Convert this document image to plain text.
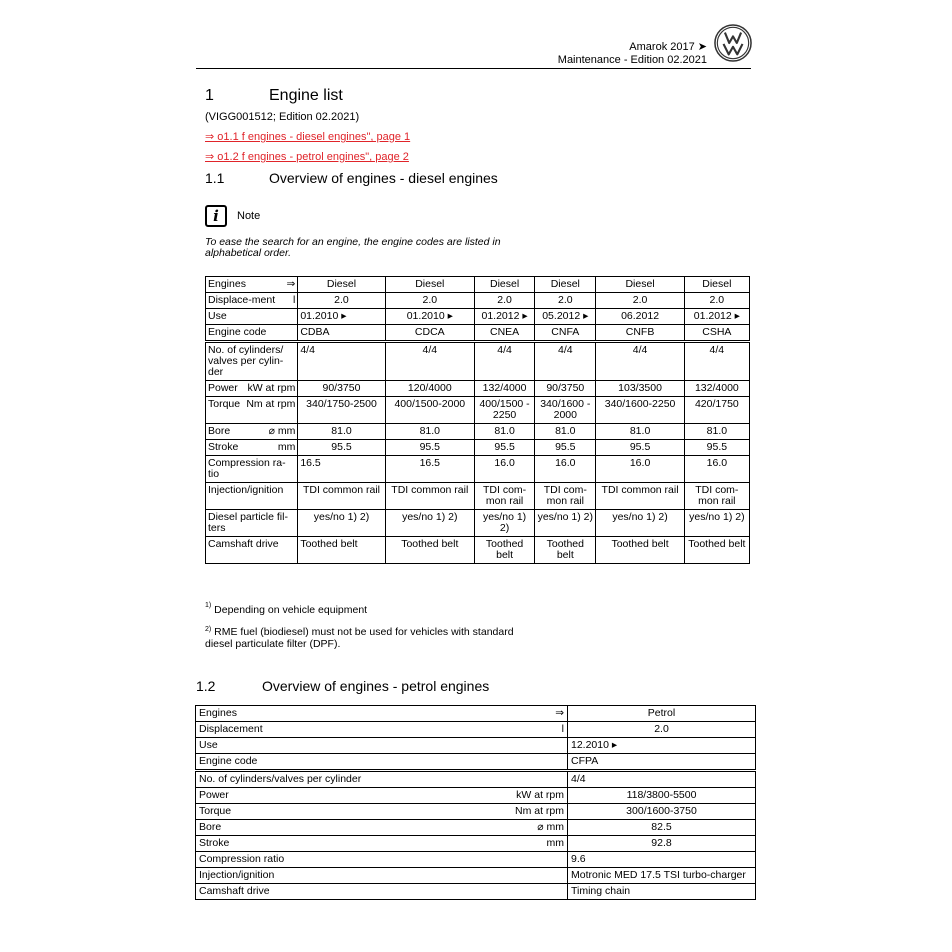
Amarok 2017 ➤
Maintenance - Edition 02.2021
1	Engine list
(VIGG001512; Edition 02.2021)
⇒ o1.1 f engines - diesel engines", page 1
⇒ o1.2 f engines - petrol engines", page 2
1.1	Overview of engines - diesel engines
i	Note
To ease the search for an engine, the engine codes are listed in alphabetical order.
Engines ⇒	Diesel	Diesel	Diesel	Diesel	Diesel	Diesel

Displace-ment l	2.0	2.0	2.0	2.0	2.0	2.0

Use	01.2010 ▸	01.2010 ▸	01.2012 ▸	05.2012 ▸	06.2012	01.2012 ▸

Engine code	CDBA	CDCA	CNEA	CNFA	CNFB	CSHA

No. of cylinders/ valves per cylin-der	4/4	4/4	4/4	4/4	4/4	4/4

Power kW at rpm	90/3750	120/4000	132/4000	90/3750	103/3500	132/4000

Torque Nm at rpm	340/1750-2500	400/1500-2000	400/1500 - 2250	340/1600 - 2000	340/1600-2250	420/1750

Bore ⌀ mm	81.0	81.0	81.0	81.0	81.0	81.0

Stroke mm	95.5	95.5	95.5	95.5	95.5	95.5

Compression ra-tio	16.5	16.5	16.0	16.0	16.0	16.0

Injection/ignition	TDI common rail	TDI common rail	TDI com-mon rail	TDI com-mon rail	TDI common rail	TDI com-mon rail

Diesel particle fil-ters	yes/no 1) 2)	yes/no 1) 2)	yes/no 1) 2)	yes/no 1) 2)	yes/no 1) 2)	yes/no 1) 2)

Camshaft drive	Toothed belt	Toothed belt	Toothed belt	Toothed belt	Toothed belt	Toothed belt
$^{1)}$ Depending on vehicle equipment
$^{2)}$ RME fuel (biodiesel) must not be used for vehicles with standard diesel particulate filter (DPF).
1.2	Overview of engines - petrol engines
Engines ⇒	Petrol

Displacement l	2.0

Use	12.2010 ▸

Engine code	CFPA

No. of cylinders/valves per cylinder	4/4

Power kW at rpm	118/3800-5500

Torque Nm at rpm	300/1600-3750

Bore ⌀ mm	82.5

Stroke mm	92.8

Compression ratio	9.6

Injection/ignition	Motronic MED 17.5 TSI turbo-charger

Camshaft drive	Timing chain
